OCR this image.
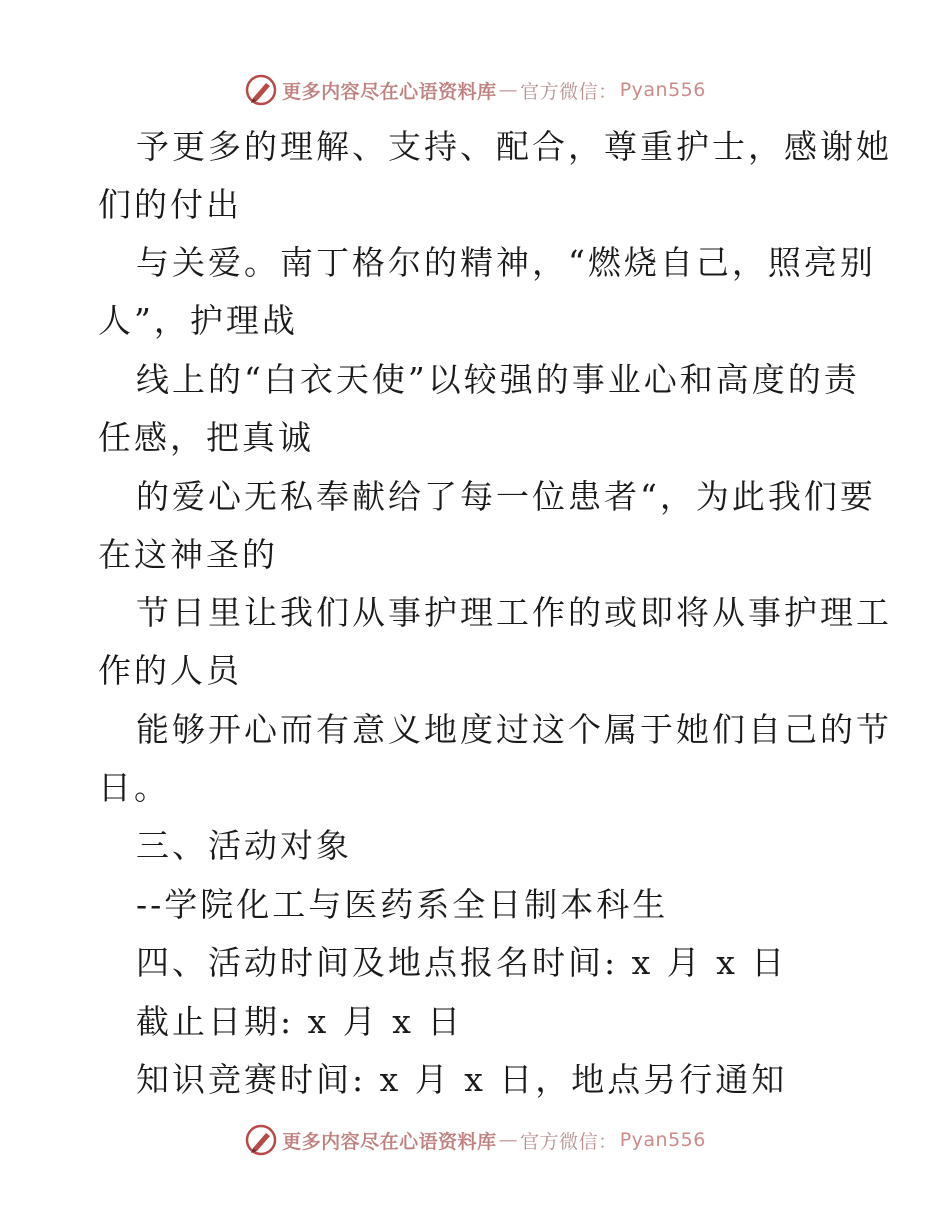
更多内容尽在心语资料库 — 官方微信： Pyan556
予更多的理解、支持、配合，尊重护士，感谢她
们的付出
与关爱。南丁格尔的精神，“燃烧自己，照亮别
人”，护理战
线上的“白衣天使”以较强的事业心和高度的责
任感，把真诚
的爱心无私奉献给了每一位患者“，为此我们要
在这神圣的
节日里让我们从事护理工作的或即将从事护理工
作的人员
能够开心而有意义地度过这个属于她们自己的节
日。
三、活动对象
--学院化工与医药系全日制本科生
四、活动时间及地点报名时间: x 月 x 日
截止日期: x 月 x 日
知识竞赛时间: x 月 x 日，地点另行通知
更多内容尽在心语资料库 — 官方微信： Pyan556
